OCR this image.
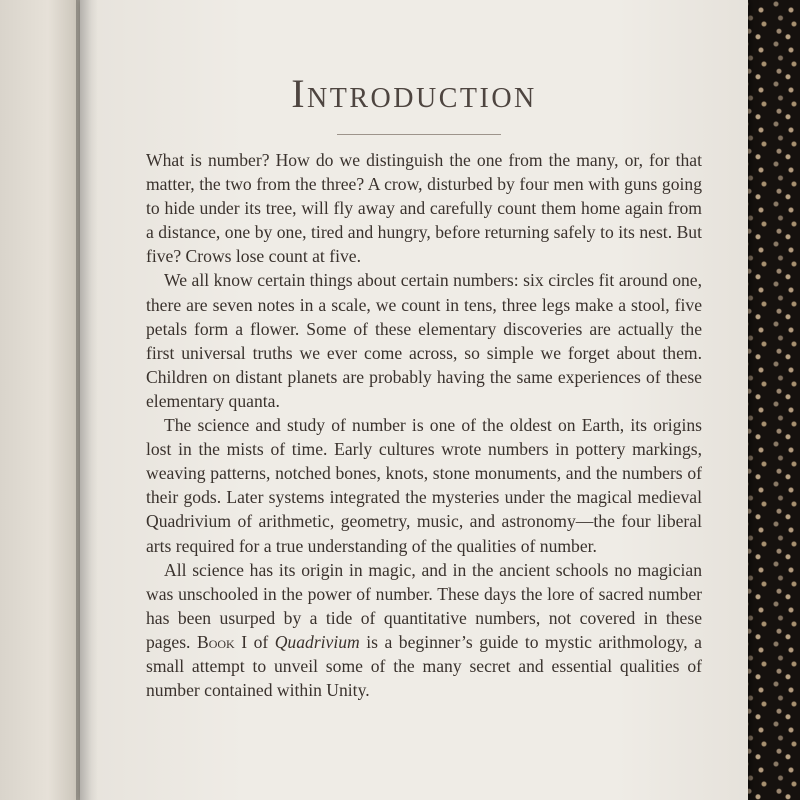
Introduction

What is number? How do we distinguish the one from the many, or, for that matter, the two from the three? A crow, disturbed by four men with guns going to hide under its tree, will fly away and carefully count them home again from a distance, one by one, tired and hungry, before returning safely to its nest. But five? Crows lose count at five.

We all know certain things about certain numbers: six circles fit around one, there are seven notes in a scale, we count in tens, three legs make a stool, five petals form a flower. Some of these elementary discoveries are actually the first universal truths we ever come across, so simple we forget about them. Children on distant planets are probably having the same experiences of these elementary quanta.

The science and study of number is one of the oldest on Earth, its origins lost in the mists of time. Early cultures wrote numbers in pottery markings, weaving patterns, notched bones, knots, stone monuments, and the numbers of their gods. Later systems integrated the mysteries under the magical medieval Quadrivium of arithmetic, geometry, music, and astronomy—the four liberal arts required for a true understanding of the qualities of number.

All science has its origin in magic, and in the ancient schools no magician was unschooled in the power of number. These days the lore of sacred number has been usurped by a tide of quantitative numbers, not covered in these pages. Book I of Quadrivium is a beginner’s guide to mystic arithmology, a small attempt to unveil some of the many secret and essential qualities of number contained within Unity.
